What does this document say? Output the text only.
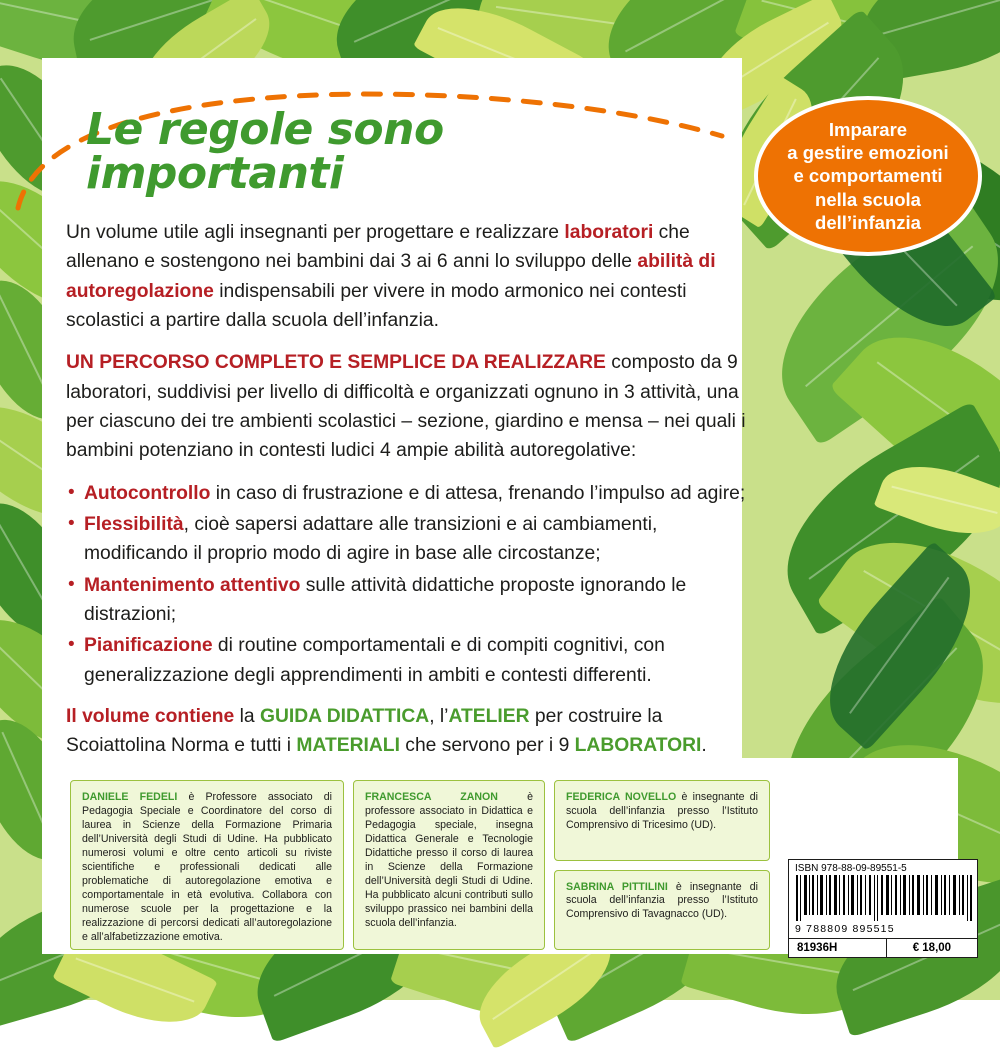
Le regole sono importanti
Imparare
a gestire emozioni
e comportamenti
nella scuola
dell’infanzia

Un volume utile agli insegnanti per progettare e realizzare laboratori che allenano e sostengono nei bambini dai 3 ai 6 anni lo sviluppo delle abilità di autoregolazione indispensabili per vivere in modo armonico nei contesti scolastici a partire dalla scuola dell’infanzia.

UN PERCORSO COMPLETO E SEMPLICE DA REALIZZARE composto da 9 laboratori, suddivisi per livello di difficoltà e organizzati ognuno in 3 attività, una per ciascuno dei tre ambienti scolastici – sezione, giardino e mensa – nei quali i bambini potenziano in contesti ludici 4 ampie abilità autoregolative:

• Autocontrollo in caso di frustrazione e di attesa, frenando l’impulso ad agire;
• Flessibilità, cioè sapersi adattare alle transizioni e ai cambiamenti, modificando il proprio modo di agire in base alle circostanze;
• Mantenimento attentivo sulle attività didattiche proposte ignorando le distrazioni;
• Pianificazione di routine comportamentali e di compiti cognitivi, con generalizzazione degli apprendimenti in ambiti e contesti differenti.

Il volume contiene la GUIDA DIDATTICA, l’ATELIER per costruire la Scoiattolina Norma e tutti i MATERIALI che servono per i 9 LABORATORI.

DANIELE FEDELI è Professore associato di Pedagogia Speciale e Coordinatore del corso di laurea in Scienze della Formazione Primaria dell’Università degli Studi di Udine. Ha pubblicato numerosi volumi e oltre cento articoli su riviste scientifiche e professionali dedicati alle problematiche di autoregolazione emotiva e comportamentale in età evolutiva. Collabora con numerose scuole per la progettazione e la realizzazione di percorsi dedicati all’autoregolazione e all’alfabetizzazione emotiva.
FRANCESCA ZANON è professore associato in Didattica e Pedagogia speciale, insegna Didattica Generale e Tecnologie Didattiche presso il corso di laurea in Scienze della Formazione dell’Università degli Studi di Udine. Ha pubblicato alcuni contributi sullo sviluppo prassico nei bambini della scuola dell’infanzia.
FEDERICA NOVELLO è insegnante di scuola dell’infanzia presso l’Istituto Comprensivo di Tricesimo (UD).
SABRINA PITTILINI è insegnante di scuola dell’infanzia presso l’Istituto Comprensivo di Tavagnacco (UD).
ISBN 978-88-09-89551-5
9 788809 895515
81936H	€ 18,00
